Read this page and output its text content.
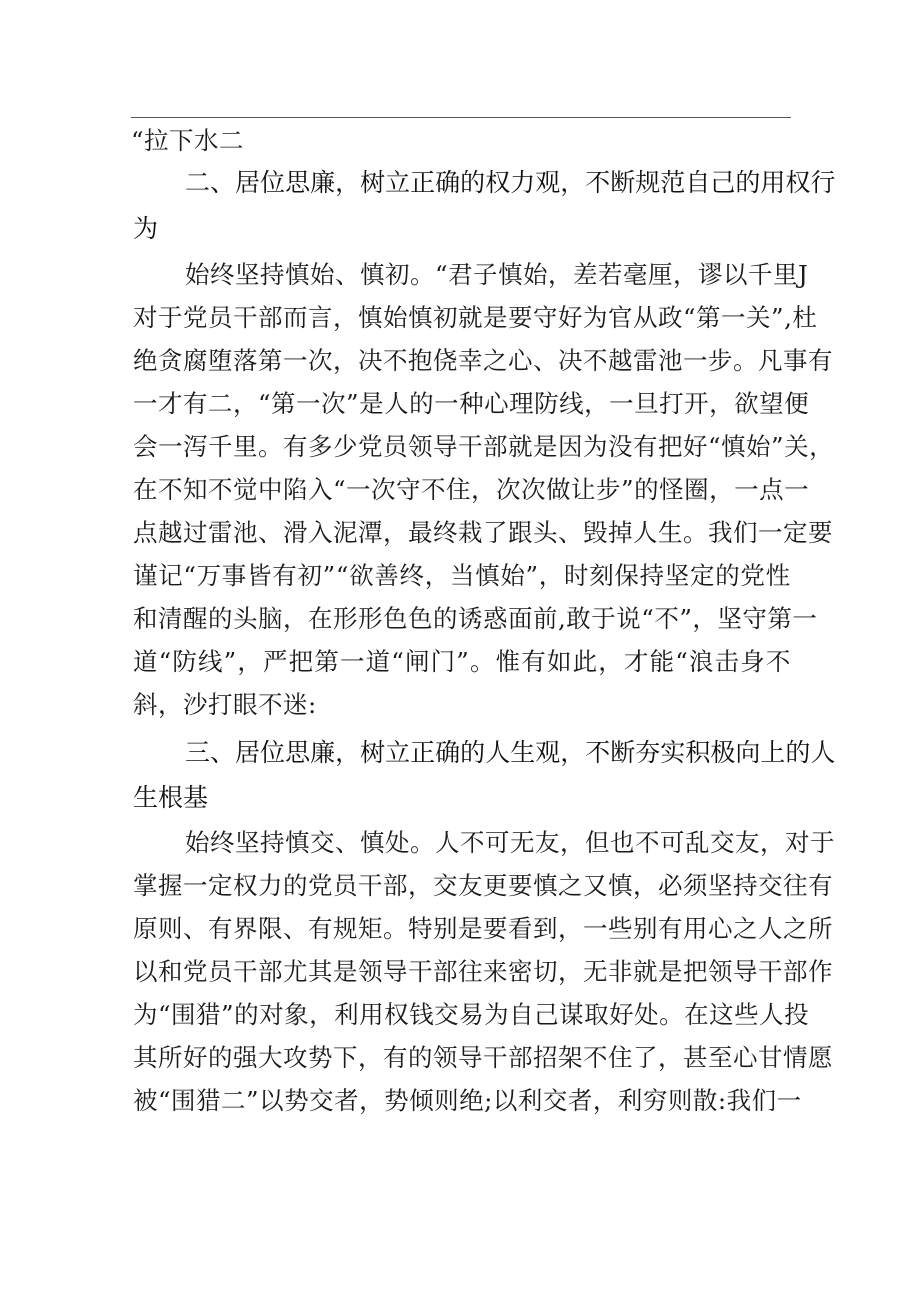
“拉下水二
二 、 居 位 思 廉 ， 树 立 正 确 的 权 力 观 ， 不 断 规 范 自 己 的 用 权 行
为
始 终 坚 持 慎 始 、 慎 初 。 “ 君 子 慎 始 ， 差 若 毫 厘 ， 谬 以 千 里 J
对 于 党 员 干 部 而 言 ， 慎 始 慎 初 就 是 要 守 好 为 官 从 政 “ 第 一 关 ” , 杜
绝 贪 腐 堕 落 第 一 次 ， 决 不 抱 侥 幸 之 心 、 决 不 越 雷 池 一 步 。 凡 事 有
一 才 有 二 ， “ 第 一 次 ” 是 人 的 一 种 心 理 防 线 ， 一 旦 打 开 ， 欲 望 便
会 一 泻 千 里 。 有 多 少 党 员 领 导 干 部 就 是 因 为 没 有 把 好 “ 慎 始 ” 关 ，
在 不 知 不 觉 中 陷 入 “ 一 次 守 不 住 ， 次 次 做 让 步 ” 的 怪 圈 ， 一 点 一
点 越 过 雷 池 、 滑 入 泥 潭 ， 最 终 栽 了 跟 头 、 毁 掉 人 生 。 我 们 一 定 要
谨 记 “ 万 事 皆 有 初 ” “ 欲 善 终 ， 当 慎 始 ” ， 时 刻 保 持 坚 定 的 党 性
和 清 醒 的 头 脑 ， 在 形 形 色 色 的 诱 惑 面 前 , 敢 于 说 “ 不 ” ， 坚 守 第 一
道 “ 防 线 ” ， 严 把 第 一 道 “ 闸 门 ” 。 惟 有 如 此 ， 才 能 “ 浪 击 身 不
斜，沙打眼不迷:
三 、 居 位 思 廉 ， 树 立 正 确 的 人 生 观 ， 不 断 夯 实 积 极 向 上 的 人
生根基
始 终 坚 持 慎 交 、 慎 处 。 人 不 可 无 友 ， 但 也 不 可 乱 交 友 ， 对 于
掌 握 一 定 权 力 的 党 员 干 部 ， 交 友 更 要 慎 之 又 慎 ， 必 须 坚 持 交 往 有
原 则 、 有 界 限 、 有 规 矩 。 特 别 是 要 看 到 ， 一 些 别 有 用 心 之 人 之 所
以 和 党 员 干 部 尤 其 是 领 导 干 部 往 来 密 切 ， 无 非 就 是 把 领 导 干 部 作
为 “ 围 猎 ” 的 对 象 ， 利 用 权 钱 交 易 为 自 己 谋 取 好 处 。 在 这 些 人 投
其 所 好 的 强 大 攻 势 下 ， 有 的 领 导 干 部 招 架 不 住 了 ， 甚 至 心 甘 情 愿
被 “ 围 猎 二 ” 以 势 交 者 ， 势 倾 则 绝 ; 以 利 交 者 ， 利 穷 则 散 : 我 们 一
